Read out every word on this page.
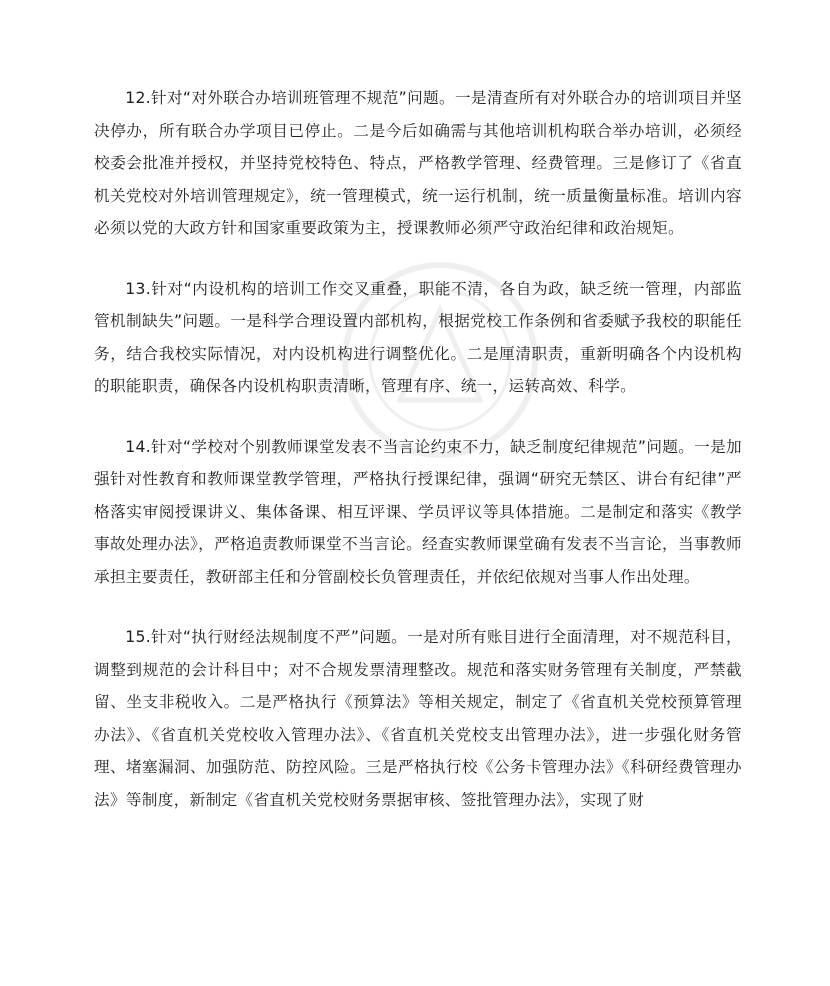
12.针对“对外联合办培训班管理不规范”问题。一是清查所有对外联合办的培训项目并坚决停办，所有联合办学项目已停止。二是今后如确需与其他培训机构联合举办培训，必须经校委会批准并授权，并坚持党校特色、特点，严格教学管理、经费管理。三是修订了《省直机关党校对外培训管理规定》，统一管理模式，统一运行机制，统一质量衡量标准。培训内容必须以党的大政方针和国家重要政策为主，授课教师必须严守政治纪律和政治规矩。

13.针对“内设机构的培训工作交叉重叠，职能不清，各自为政，缺乏统一管理，内部监管机制缺失”问题。一是科学合理设置内部机构，根据党校工作条例和省委赋予我校的职能任务，结合我校实际情况，对内设机构进行调整优化。二是厘清职责，重新明确各个内设机构的职能职责，确保各内设机构职责清晰，管理有序、统一，运转高效、科学。

14.针对“学校对个别教师课堂发表不当言论约束不力，缺乏制度纪律规范”问题。一是加强针对性教育和教师课堂教学管理，严格执行授课纪律，强调“研究无禁区、讲台有纪律”严格落实审阅授课讲义、集体备课、相互评课、学员评议等具体措施。二是制定和落实《教学事故处理办法》，严格追责教师课堂不当言论。经查实教师课堂确有发表不当言论，当事教师承担主要责任，教研部主任和分管副校长负管理责任，并依纪依规对当事人作出处理。

15.针对“执行财经法规制度不严”问题。一是对所有账目进行全面清理，对不规范科目，调整到规范的会计科目中；对不合规发票清理整改。规范和落实财务管理有关制度，严禁截留、坐支非税收入。二是严格执行《预算法》等相关规定，制定了《省直机关党校预算管理办法》、《省直机关党校收入管理办法》、《省直机关党校支出管理办法》，进一步强化财务管理、堵塞漏洞、加强防范、防控风险。三是严格执行校《公务卡管理办法》《科研经费管理办法》等制度，新制定《省直机关党校财务票据审核、签批管理办法》，实现了财
